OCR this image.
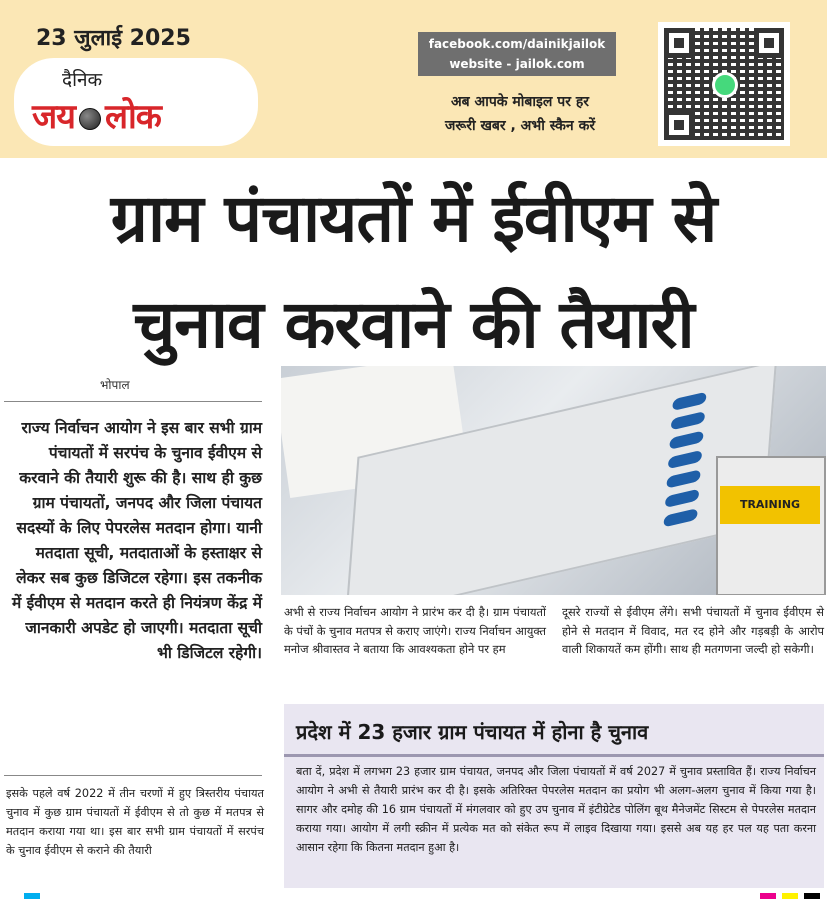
23 जुलाई 2025
दैनिक
जय लोक
facebook.com/dainikjailok
website - jailok.com
अब आपके मोबाइल पर हर
जरूरी खबर , अभी स्कैन करें
ग्राम पंचायतों में ईवीएम से
चुनाव करवाने की तैयारी
भोपाल
राज्य निर्वाचन आयोग ने इस बार सभी ग्राम पंचायतों में सरपंच के चुनाव ईवीएम से करवाने की तैयारी शुरू की है। साथ ही कुछ ग्राम पंचायतों, जनपद और जिला पंचायत सदस्यों के लिए पेपरलेस मतदान होगा। यानी मतदाता सूची, मतदाताओं के हस्ताक्षर से लेकर सब कुछ डिजिटल रहेगा। इस तकनीक में ईवीएम से मतदान करते ही नियंत्रण केंद्र में जानकारी अपडेट हो जाएगी। मतदाता सूची भी डिजिटल रहेगी।
इसके पहले वर्ष 2022 में तीन चरणों में हुए त्रिस्तरीय पंचायत चुनाव में कुछ ग्राम पंचायतों में ईवीएम से तो कुछ में मतपत्र से मतदान कराया गया था। इस बार सभी ग्राम पंचायतों में सरपंच के चुनाव ईवीएम से कराने की तैयारी
TRAINING
अभी से राज्य निर्वाचन आयोग ने प्रारंभ कर दी है। ग्राम पंचायतों के पंचों के चुनाव मतपत्र से कराए जाएंगे। राज्य निर्वाचन आयुक्त मनोज श्रीवास्तव ने बताया कि आवश्यकता होने पर हम
दूसरे राज्यों से ईवीएम लेंगे। सभी पंचायतों में चुनाव ईवीएम से होने से मतदान में विवाद, मत रद होने और गड़बड़ी के आरोप वाली शिकायतें कम होंगी। साथ ही मतगणना जल्दी हो सकेगी।
प्रदेश में 23 हजार ग्राम पंचायत में होना है चुनाव
बता दें, प्रदेश में लगभग 23 हजार ग्राम पंचायत, जनपद और जिला पंचायतों में वर्ष 2027 में चुनाव प्रस्तावित हैं। राज्य निर्वाचन आयोग ने अभी से तैयारी प्रारंभ कर दी है। इसके अतिरिक्त पेपरलेस मतदान का प्रयोग भी अलग-अलग चुनाव में किया गया है। सागर और दमोह की 16 ग्राम पंचायतों में मंगलवार को हुए उप चुनाव में इंटीग्रेटेड पोलिंग बूथ मैनेजमेंट सिस्टम से पेपरलेस मतदान कराया गया। आयोग में लगी स्क्रीन में प्रत्येक मत को संकेत रूप में लाइव दिखाया गया। इससे अब यह हर पल यह पता करना आसान रहेगा कि कितना मतदान हुआ है।
